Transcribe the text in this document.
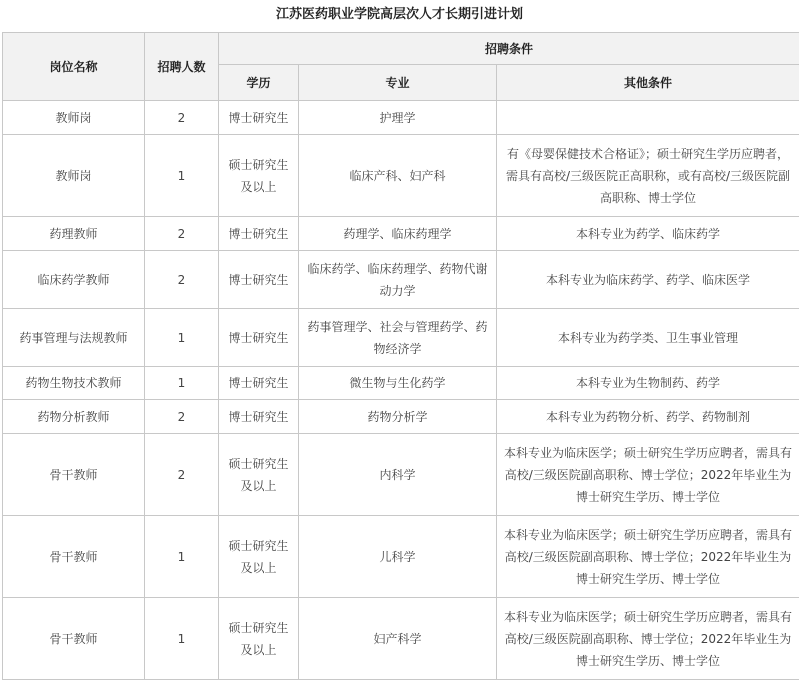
江苏医药职业学院高层次人才长期引进计划
岗位名称	招聘人数	招聘条件		
		学历	专业	其他条件
教师岗	2	博士研究生	护理学	
教师岗	1	硕士研究生及以上	临床产科、妇产科	有《母婴保健技术合格证》；硕士研究生学历应聘者，需具有高校/三级医院正高职称，或有高校/三级医院副高职称、博士学位
药理教师	2	博士研究生	药理学、临床药理学	本科专业为药学、临床药学
临床药学教师	2	博士研究生	临床药学、临床药理学、药物代谢动力学	本科专业为临床药学、药学、临床医学
药事管理与法规教师	1	博士研究生	药事管理学、社会与管理药学、药物经济学	本科专业为药学类、卫生事业管理
药物生物技术教师	1	博士研究生	微生物与生化药学	本科专业为生物制药、药学
药物分析教师	2	博士研究生	药物分析学	本科专业为药物分析、药学、药物制剂
骨干教师	2	硕士研究生及以上	内科学	本科专业为临床医学；硕士研究生学历应聘者，需具有高校/三级医院副高职称、博士学位；2022年毕业生为博士研究生学历、博士学位
骨干教师	1	硕士研究生及以上	儿科学	本科专业为临床医学；硕士研究生学历应聘者，需具有高校/三级医院副高职称、博士学位；2022年毕业生为博士研究生学历、博士学位
骨干教师	1	硕士研究生及以上	妇产科学	本科专业为临床医学；硕士研究生学历应聘者，需具有高校/三级医院副高职称、博士学位；2022年毕业生为博士研究生学历、博士学位
